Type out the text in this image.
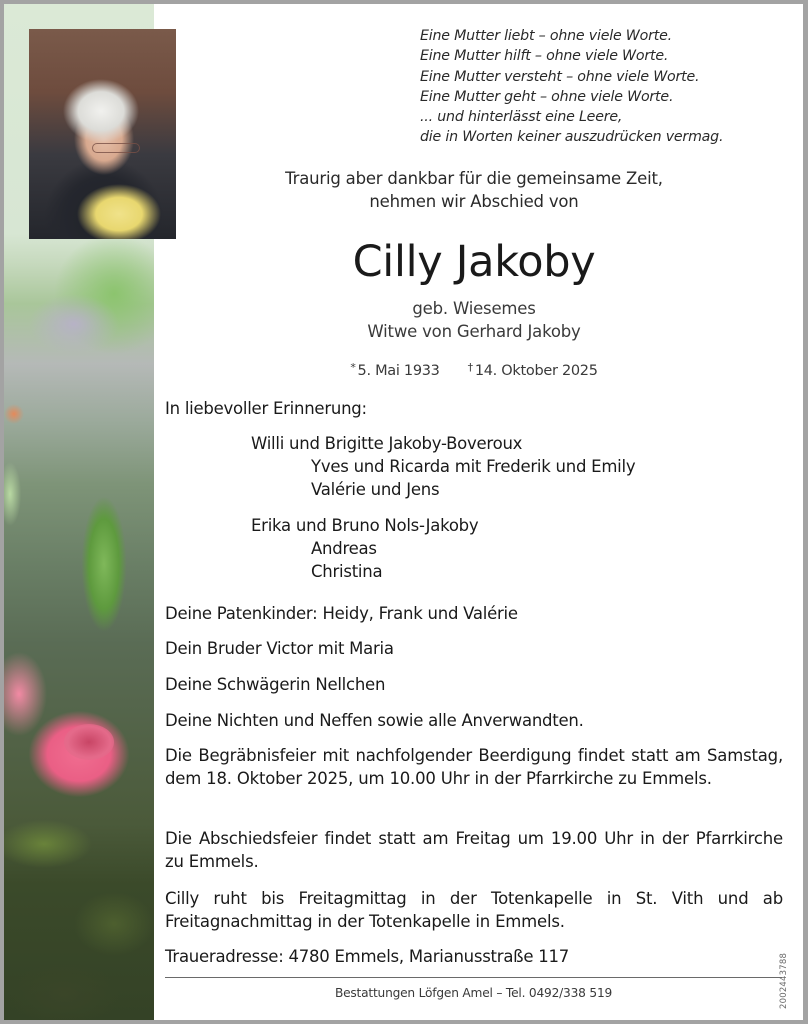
Eine Mutter liebt – ohne viele Worte.
Eine Mutter hilft – ohne viele Worte.
Eine Mutter versteht – ohne viele Worte.
Eine Mutter geht – ohne viele Worte.
... und hinterlässt eine Leere,
die in Worten keiner auszudrücken vermag.
Traurig aber dankbar für die gemeinsame Zeit,
nehmen wir Abschied von
Cilly Jakoby
geb. Wiesemes
Witwe von Gerhard Jakoby
* 5. Mai 1933	† 14. Oktober 2025
In liebevoller Erinnerung:
Willi und Brigitte Jakoby-Boveroux
Yves und Ricarda mit Frederik und Emily
Valérie und Jens
Erika und Bruno Nols-Jakoby
Andreas
Christina
Deine Patenkinder: Heidy, Frank und Valérie
Dein Bruder Victor mit Maria
Deine Schwägerin Nellchen
Deine Nichten und Neffen sowie alle Anverwandten.
Die Begräbnisfeier mit nachfolgender Beerdigung findet statt am Samstag, dem 18. Oktober 2025, um 10.00 Uhr in der Pfarrkirche zu Emmels.
Die Abschiedsfeier findet statt am Freitag um 19.00 Uhr in der Pfarrkirche zu Emmels.
Cilly ruht bis Freitagmittag in der Totenkapelle in St. Vith und ab Freitagnachmittag in der Totenkapelle in Emmels.
Traueradresse: 4780 Emmels, Marianusstraße 117
Bestattungen Löfgen Amel – Tel. 0492/338 519	2002443788
